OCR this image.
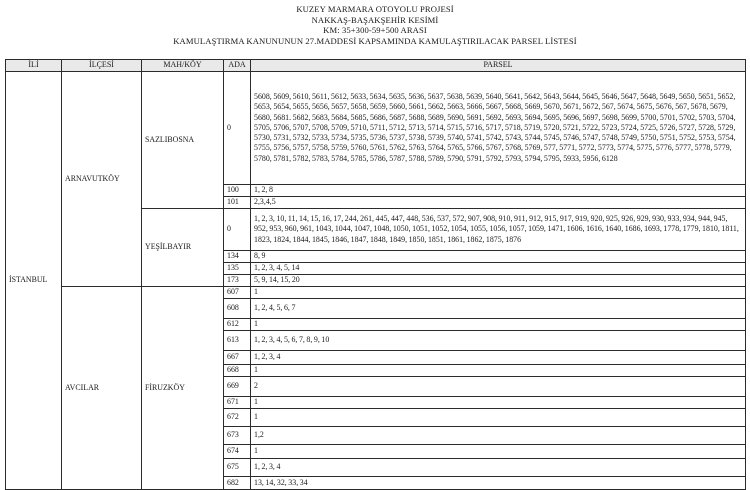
KUZEY MARMARA OTOYOLU PROJESİ
NAKKAŞ-BAŞAKŞEHİR KESİMİ
KM: 35+300-59+500 ARASI
KAMULAŞTIRMA KANUNUNUN 27.MADDESİ KAPSAMINDA KAMULAŞTIRILACAK PARSEL LİSTESİ
İLİ	İLÇESİ	MAH/KÖY	ADA	PARSEL
İSTANBUL	ARNAVUTKÖY	SAZLIBOSNA	0	5608, 5609, 5610, 5611, 5612, 5633, 5634, 5635, 5636, 5637, 5638, 5639, 5640, 5641, 5642, 5643, 5644, 5645, 5646, 5647, 5648, 5649, 5650, 5651, 5652, 5653, 5654, 5655, 5656, 5657, 5658, 5659, 5660, 5661, 5662, 5663, 5666, 5667, 5668, 5669, 5670, 5671, 5672, 567, 5674, 5675, 5676, 567, 5678, 5679, 5680, 5681. 5682, 5683, 5684, 5685, 5686, 5687, 5688, 5689, 5690, 5691, 5692, 5693, 5694, 5695, 5696, 5697, 5698, 5699, 5700, 5701, 5702, 5703, 5704, 5705, 5706, 5707, 5708, 5709, 5710, 5711, 5712, 5713, 5714, 5715, 5716, 5717, 5718, 5719, 5720, 5721, 5722, 5723, 5724, 5725, 5726, 5727, 5728, 5729, 5730, 5731, 5732, 5733, 5734, 5735, 5736, 5737, 5738, 5739, 5740, 5741, 5742, 5743, 5744, 5745, 5746, 5747, 5748, 5749, 5750, 5751, 5752, 5753, 5754, 5755, 5756, 5757, 5758, 5759, 5760, 5761, 5762, 5763, 5764, 5765, 5766, 5767, 5768, 5769, 577, 5771, 5772, 5773, 5774, 5775, 5776, 5777, 5778, 5779, 5780, 5781, 5782, 5783, 5784, 5785, 5786, 5787, 5788, 5789, 5790, 5791, 5792, 5793, 5794, 5795, 5933, 5956, 6128
			100	1, 2, 8
			101	2,3,4,5
		YEŞİLBAYIR	0	1, 2, 3, 10, 11, 14, 15, 16, 17, 244, 261, 445, 447, 448, 536, 537, 572, 907, 908, 910, 911, 912, 915, 917, 919, 920, 925, 926, 929, 930, 933, 934, 944, 945, 952, 953, 960, 961, 1043, 1044, 1047, 1048, 1050, 1051, 1052, 1054, 1055, 1056, 1057, 1059, 1471, 1606, 1616, 1640, 1686, 1693, 1778, 1779, 1810, 1811, 1823, 1824, 1844, 1845, 1846, 1847, 1848, 1849, 1850, 1851, 1861, 1862, 1875, 1876
			134	8, 9
			135	1, 2, 3, 4, 5, 14
			173	5, 9, 14, 15, 20
	AVCILAR	FİRUZKÖY	607	1
			608	1, 2, 4, 5, 6, 7
			612	1
			613	1, 2, 3, 4, 5, 6, 7, 8, 9, 10
			667	1, 2, 3, 4
			668	1
			669	2
			671	1
			672	1
			673	1,2
			674	1
			675	1, 2, 3, 4
			682	13, 14, 32, 33, 34
